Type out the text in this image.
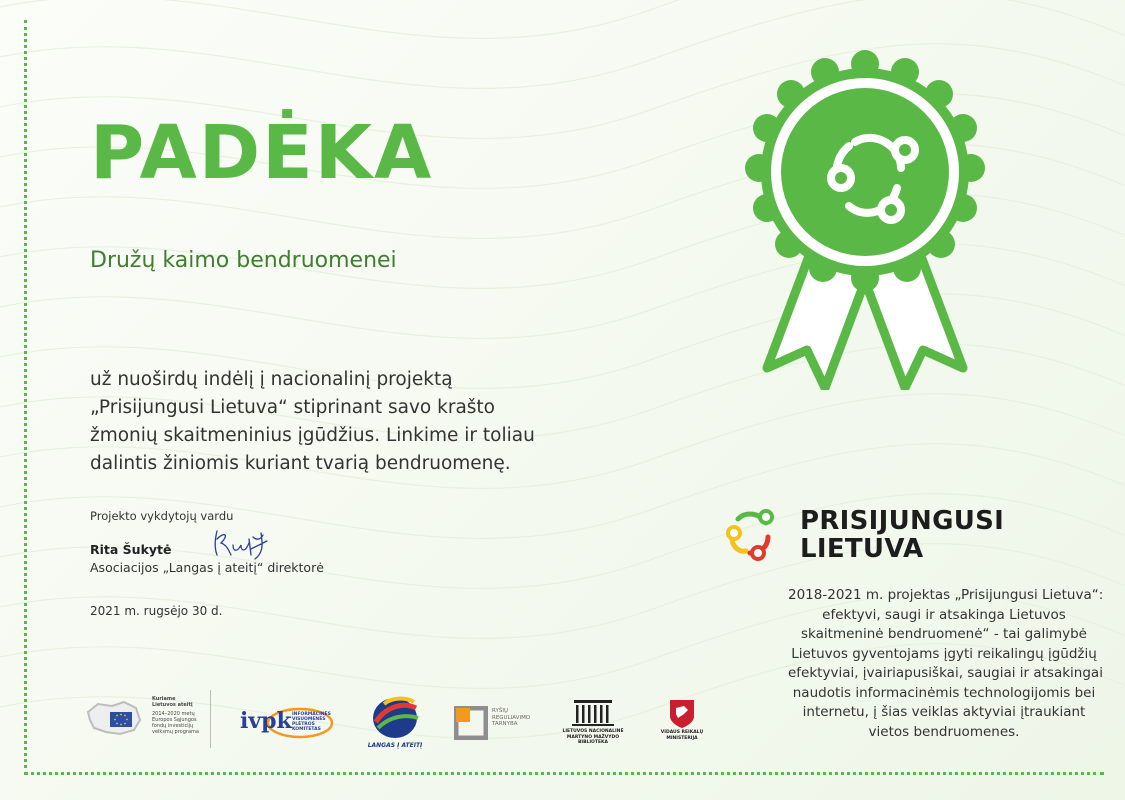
PADĖKA
Družų kaimo bendruomenei
už nuoširdų indėlį į nacionalinį projektą
„Prisijungusi Lietuva“ stiprinant savo krašto
žmonių skaitmeninius įgūdžius. Linkime ir toliau
dalintis žiniomis kuriant tvarią bendruomenę.
Projekto vykdytojų vardu
Rita Šukytė
Asociacijos „Langas į ateitį“ direktorė
2021 m. rugsėjo 30 d.
PRISIJUNGUSI
LIETUVA
2018-2021 m. projektas „Prisijungusi Lietuva“:
efektyvi, saugi ir atsakinga Lietuvos
skaitmeninė bendruomenė“ - tai galimybė
Lietuvos gyventojams įgyti reikalingų įgūdžių
efektyviai, įvairiapusiškai, saugiai ir atsakingai
naudotis informacinėmis technologijomis bei
internetu, į šias veiklas aktyviai įtraukiant
vietos bendruomenes.
Kuriame
Lietuvos ateitį
2014–2020 metų
Europos Sąjungos
fondų investicijų
veiksmų programa ivpk INFORMACINĖS
VISUOMENĖS
PLĖTROS
KOMITETAS
LANGAS Į ATEITĮ
RYŠIŲ
REGULIAVIMO
TARNYBA
LIETUVOS NACIONALINĖ
MARTYNO MAŽVYDO
BIBLIOTEKA
VIDAUS REIKALŲ
MINISTERIJA
